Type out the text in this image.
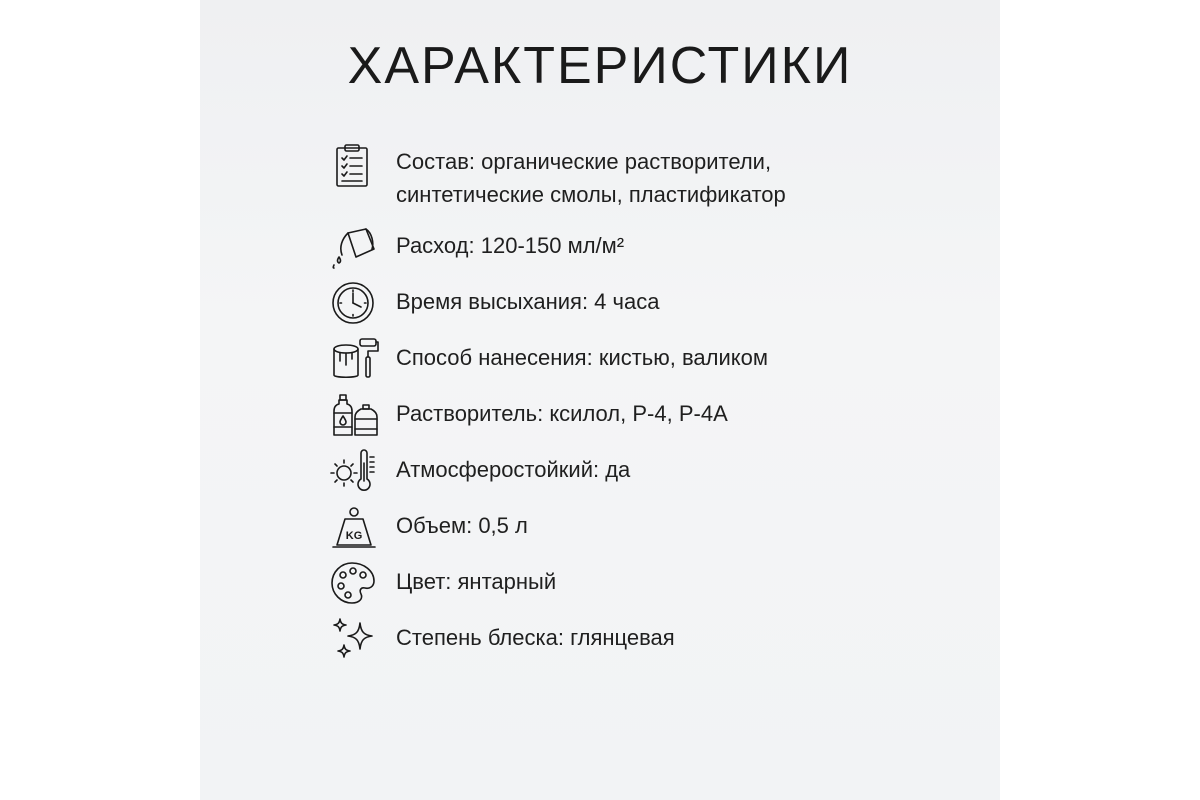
ХАРАКТЕРИСТИКИ
Состав: органические растворители,
синтетические смолы, пластификатор
Расход: 120-150 мл/м²
Время высыхания: 4 часа
Способ нанесения: кистью, валиком
Растворитель: ксилол, Р-4, Р-4А
Атмосферостойкий: да
KG Объем: 0,5 л
Цвет: янтарный
Степень блеска: глянцевая
